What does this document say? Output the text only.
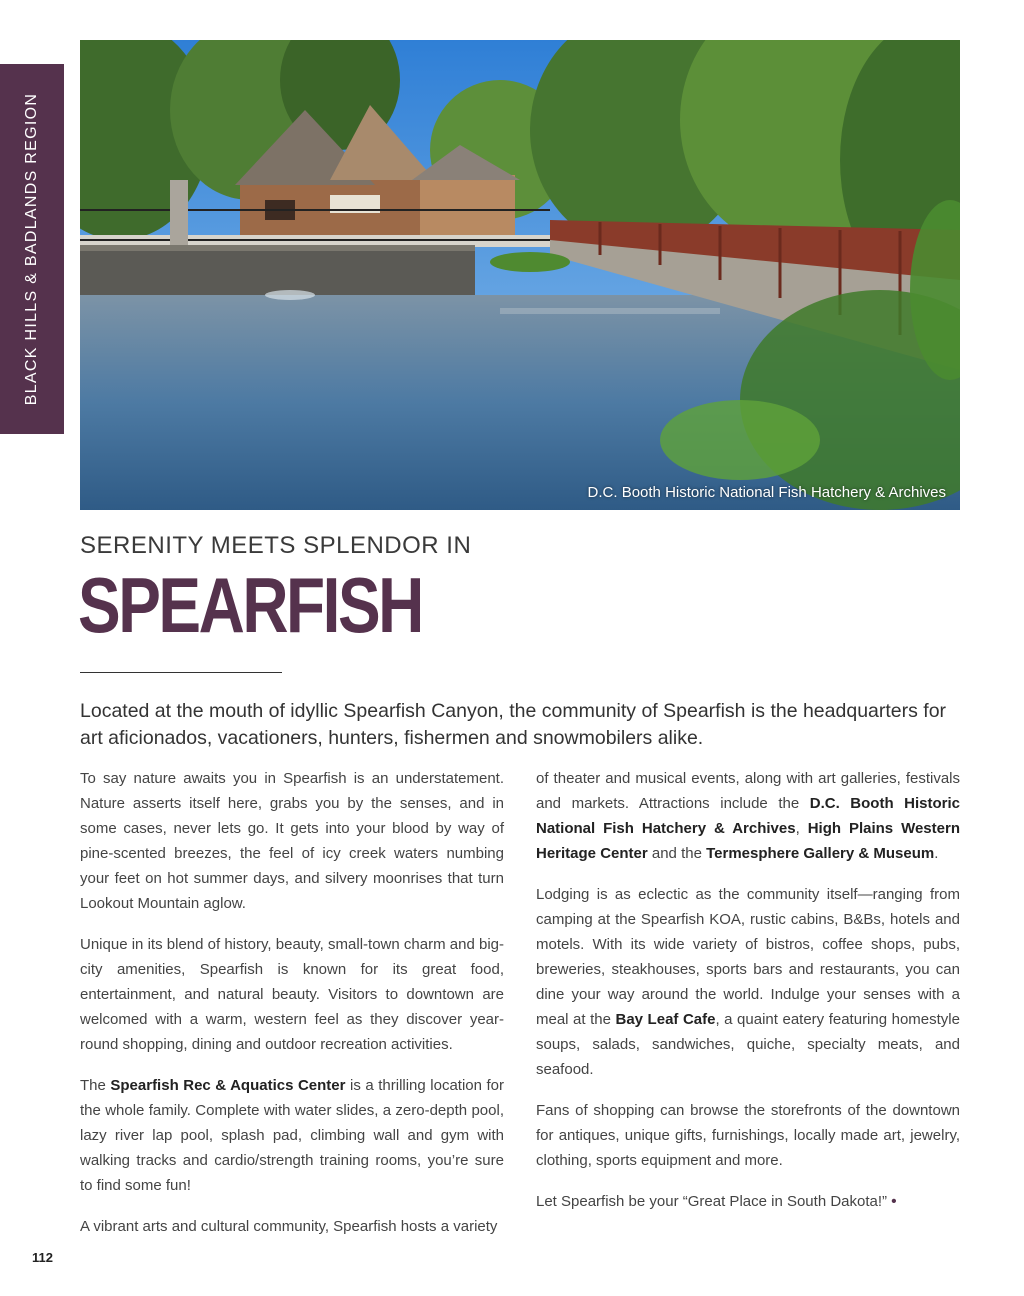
BLACK HILLS & BADLANDS REGION
D.C. Booth Historic National Fish Hatchery & Archives
SERENITY MEETS SPLENDOR IN
SPEARFISH
Located at the mouth of idyllic Spearfish Canyon, the community of Spearfish is the headquarters for art aficionados, vacationers, hunters, fishermen and snowmobilers alike.

To say nature awaits you in Spearfish is an understatement. Nature asserts itself here, grabs you by the senses, and in some cases, never lets go. It gets into your blood by way of pine-scented breezes, the feel of icy creek waters numbing your feet on hot summer days, and silvery moonrises that turn Lookout Mountain aglow.

Unique in its blend of history, beauty, small-town charm and big-city amenities, Spearfish is known for its great food, entertainment, and natural beauty. Visitors to downtown are welcomed with a warm, western feel as they discover year-round shopping, dining and outdoor recreation activities.

The Spearfish Rec & Aquatics Center is a thrilling location for the whole family. Complete with water slides, a zero-depth pool, lazy river lap pool, splash pad, climbing wall and gym with walking tracks and cardio/strength training rooms, you’re sure to find some fun!

A vibrant arts and cultural community, Spearfish hosts a variety

of theater and musical events, along with art galleries, festivals and markets. Attractions include the D.C. Booth Historic National Fish Hatchery & Archives, High Plains Western Heritage Center and the Termesphere Gallery & Museum.

Lodging is as eclectic as the community itself—ranging from camping at the Spearfish KOA, rustic cabins, B&Bs, hotels and motels. With its wide variety of bistros, coffee shops, pubs, breweries, steakhouses, sports bars and restaurants, you can dine your way around the world. Indulge your senses with a meal at the Bay Leaf Cafe, a quaint eatery featuring homestyle soups, salads, sandwiches, quiche, specialty meats, and seafood.

Fans of shopping can browse the storefronts of the downtown for antiques, unique gifts, furnishings, locally made art, jewelry, clothing, sports equipment and more.

Let Spearfish be your “Great Place in South Dakota!” •

112
